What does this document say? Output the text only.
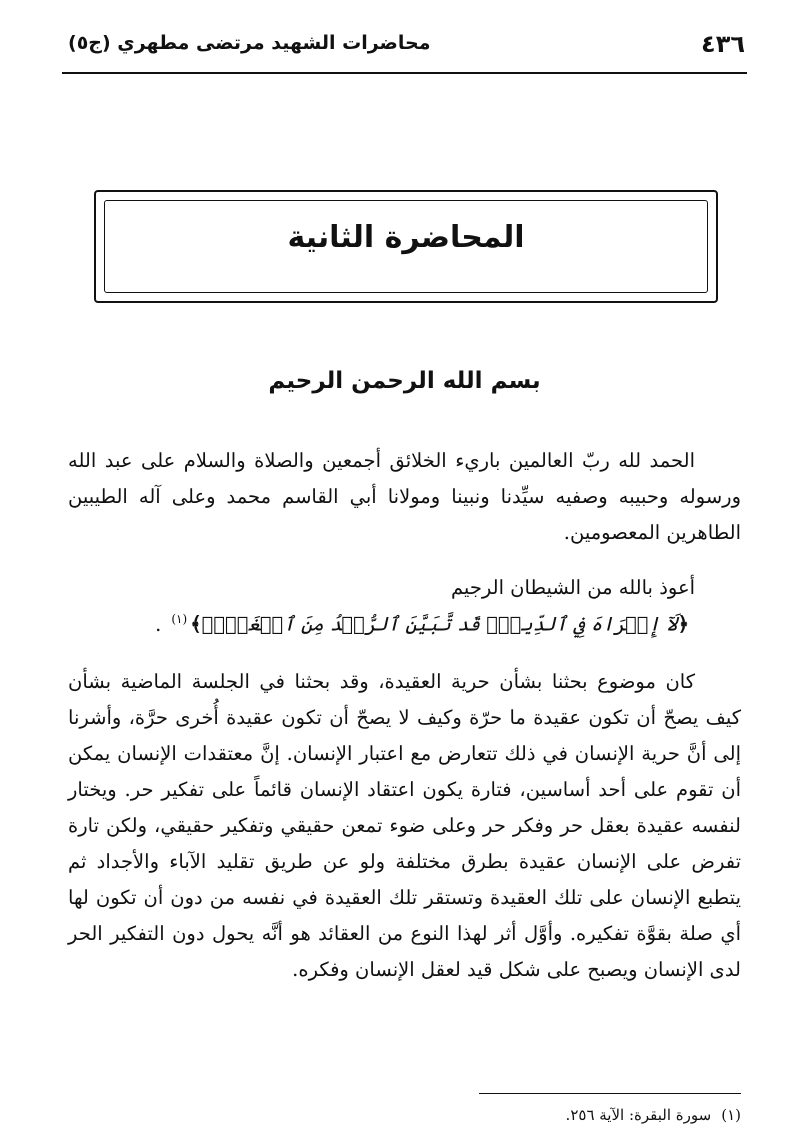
٤٣٦
محاضرات الشهيد مرتضى مطهري (ج٥)
المحاضرة الثانية
بسم الله الرحمن الرحيم

الحمد لله ربّ العالمين باريء الخلائق أجمعين والصلاة والسلام على عبد الله ورسوله وحبيبه وصفيه سيِّدنا ونبينا ومولانا أبي القاسم محمد وعلى آله الطيبين الطاهرين المعصومين.

أعوذ بالله من الشيطان الرجيم

﴿لَآ إِكۡرَاهَ فِي ٱلدِّينِۖ قَد تَّبَيَّنَ ٱلرُّشۡدُ مِنَ ٱلۡغَيِّۚ﴾$^{(١)}$.

كان موضوع بحثنا بشأن حرية العقيدة، وقد بحثنا في الجلسة الماضية بشأن كيف يصحّ أن تكون عقيدة ما حرّة وكيف لا يصحّ أن تكون عقيدة أُخرى حرَّة، وأشرنا إلى أنَّ حرية الإنسان في ذلك تتعارض مع اعتبار الإنسان. إنَّ معتقدات الإنسان يمكن أن تقوم على أحد أساسين، فتارة يكون اعتقاد الإنسان قائماً على تفكير حر. ويختار لنفسه عقيدة بعقل حر وفكر حر وعلى ضوء تمعن حقيقي وتفكير حقيقي، ولكن تارة تفرض على الإنسان عقيدة بطرق مختلفة ولو عن طريق تقليد الآباء والأجداد ثم يتطبع الإنسان على تلك العقيدة وتستقر تلك العقيدة في نفسه من دون أن تكون لها أي صلة بقوَّة تفكيره. وأوَّل أثر لهذا النوع من العقائد هو أنَّه يحول دون التفكير الحر لدى الإنسان ويصبح على شكل قيد لعقل الإنسان وفكره.

(١)سورة البقرة: الآية ٢٥٦.
